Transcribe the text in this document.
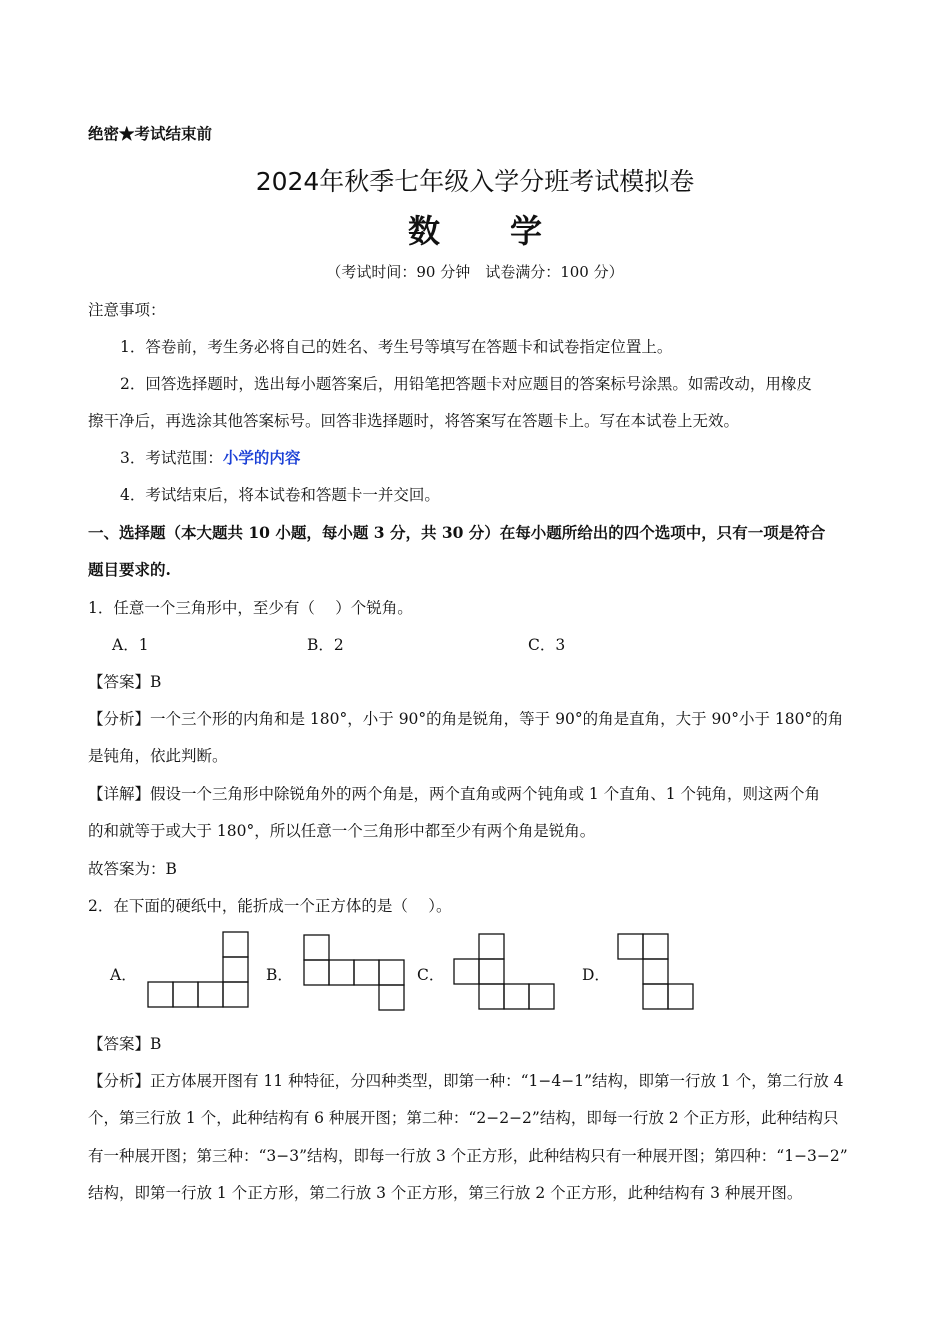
绝密★考试结束前
2024年秋季七年级入学分班考试模拟卷
数学
（考试时间：90 分钟　试卷满分：100 分）
注意事项：
1．答卷前，考生务必将自己的姓名、考生号等填写在答题卡和试卷指定位置上。
2．回答选择题时，选出每小题答案后，用铅笔把答题卡对应题目的答案标号涂黑。如需改动，用橡皮
擦干净后，再选涂其他答案标号。回答非选择题时，将答案写在答题卡上。写在本试卷上无效。
3．考试范围：小学的内容
4．考试结束后，将本试卷和答题卡一并交回。
一、选择题（本大题共 10 小题，每小题 3 分，共 30 分）在每小题所给出的四个选项中，只有一项是符合
题目要求的.
1．任意一个三角形中，至少有（　 ）个锐角。
A．1	B．2	C．3
【答案】B
【分析】一个三个形的内角和是 180°，小于 90°的角是锐角，等于 90°的角是直角，大于 90°小于 180°的角
是钝角，依此判断。
【详解】假设一个三角形中除锐角外的两个角是，两个直角或两个钝角或 1 个直角、1 个钝角，则这两个角
的和就等于或大于 180°，所以任意一个三角形中都至少有两个角是锐角。
故答案为：B
2．在下面的硬纸中，能折成一个正方体的是（　 ）。
A．	B．	C．	D．
【答案】B
【分析】正方体展开图有 11 种特征，分四种类型，即第一种：“1−4−1”结构，即第一行放 1 个，第二行放 4
个，第三行放 1 个，此种结构有 6 种展开图；第二种：“2−2−2”结构，即每一行放 2 个正方形，此种结构只
有一种展开图；第三种：“3−3”结构，即每一行放 3 个正方形，此种结构只有一种展开图；第四种：“1−3−2”
结构，即第一行放 1 个正方形，第二行放 3 个正方形，第三行放 2 个正方形，此种结构有 3 种展开图。
